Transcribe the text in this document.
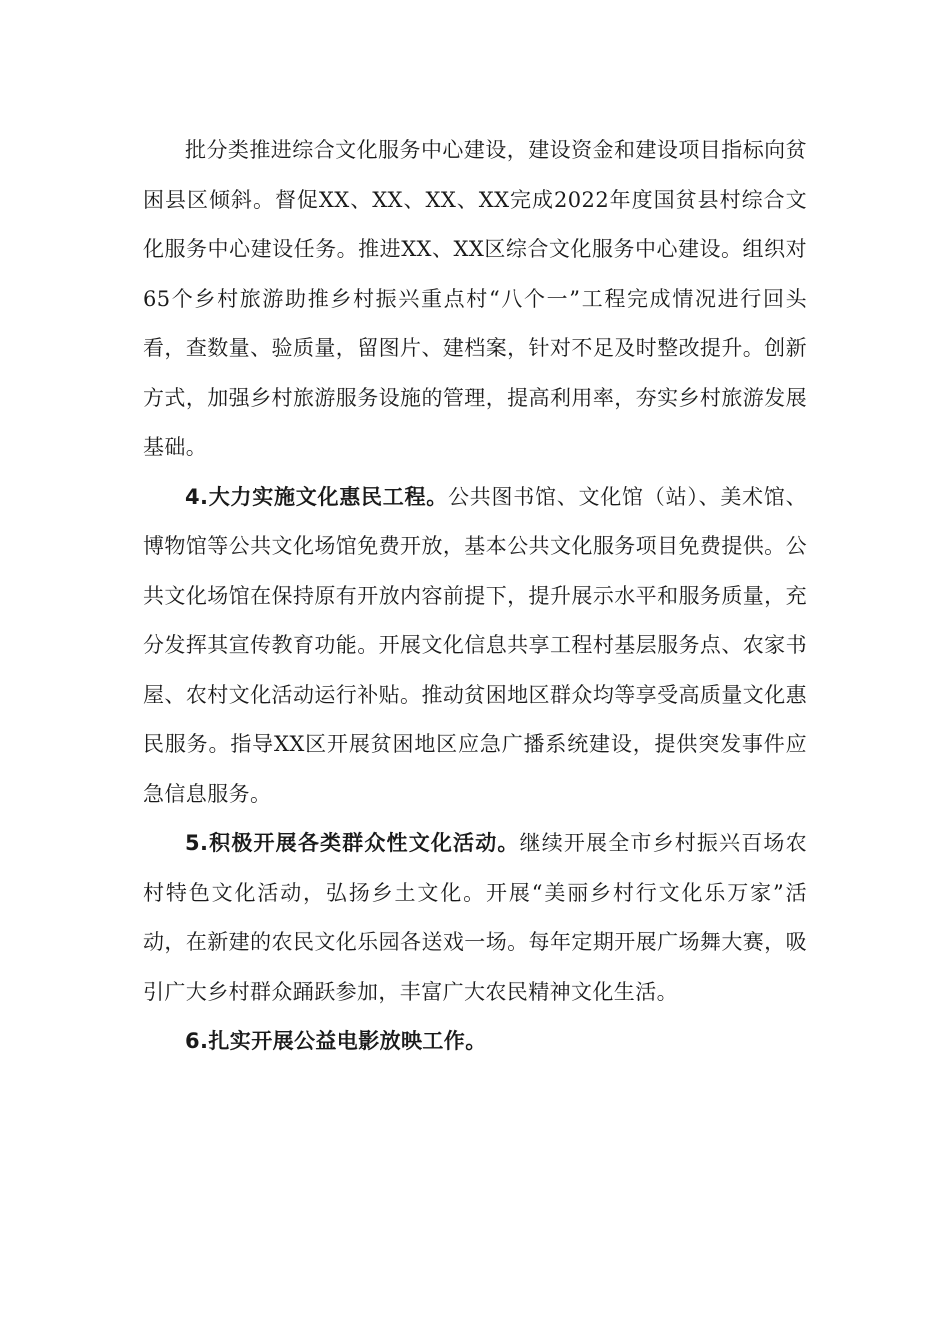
批分类推进综合文化服务中心建设，建设资金和建设项目指标向贫困县区倾斜。督促XX、XX、XX、XX完成2022年度国贫县村综合文化服务中心建设任务。推进XX、XX区综合文化服务中心建设。组织对65个乡村旅游助推乡村振兴重点村“八个一”工程完成情况进行回头看，查数量、验质量，留图片、建档案，针对不足及时整改提升。创新方式，加强乡村旅游服务设施的管理，提高利用率，夯实乡村旅游发展基础。

4.大力实施文化惠民工程。公共图书馆、文化馆（站）、美术馆、博物馆等公共文化场馆免费开放，基本公共文化服务项目免费提供。公共文化场馆在保持原有开放内容前提下，提升展示水平和服务质量，充分发挥其宣传教育功能。开展文化信息共享工程村基层服务点、农家书屋、农村文化活动运行补贴。推动贫困地区群众均等享受高质量文化惠民服务。指导XX区开展贫困地区应急广播系统建设，提供突发事件应急信息服务。

5.积极开展各类群众性文化活动。继续开展全市乡村振兴百场农村特色文化活动，弘扬乡土文化。开展“美丽乡村行文化乐万家”活动，在新建的农民文化乐园各送戏一场。每年定期开展广场舞大赛，吸引广大乡村群众踊跃参加，丰富广大农民精神文化生活。

6.扎实开展公益电影放映工作。
